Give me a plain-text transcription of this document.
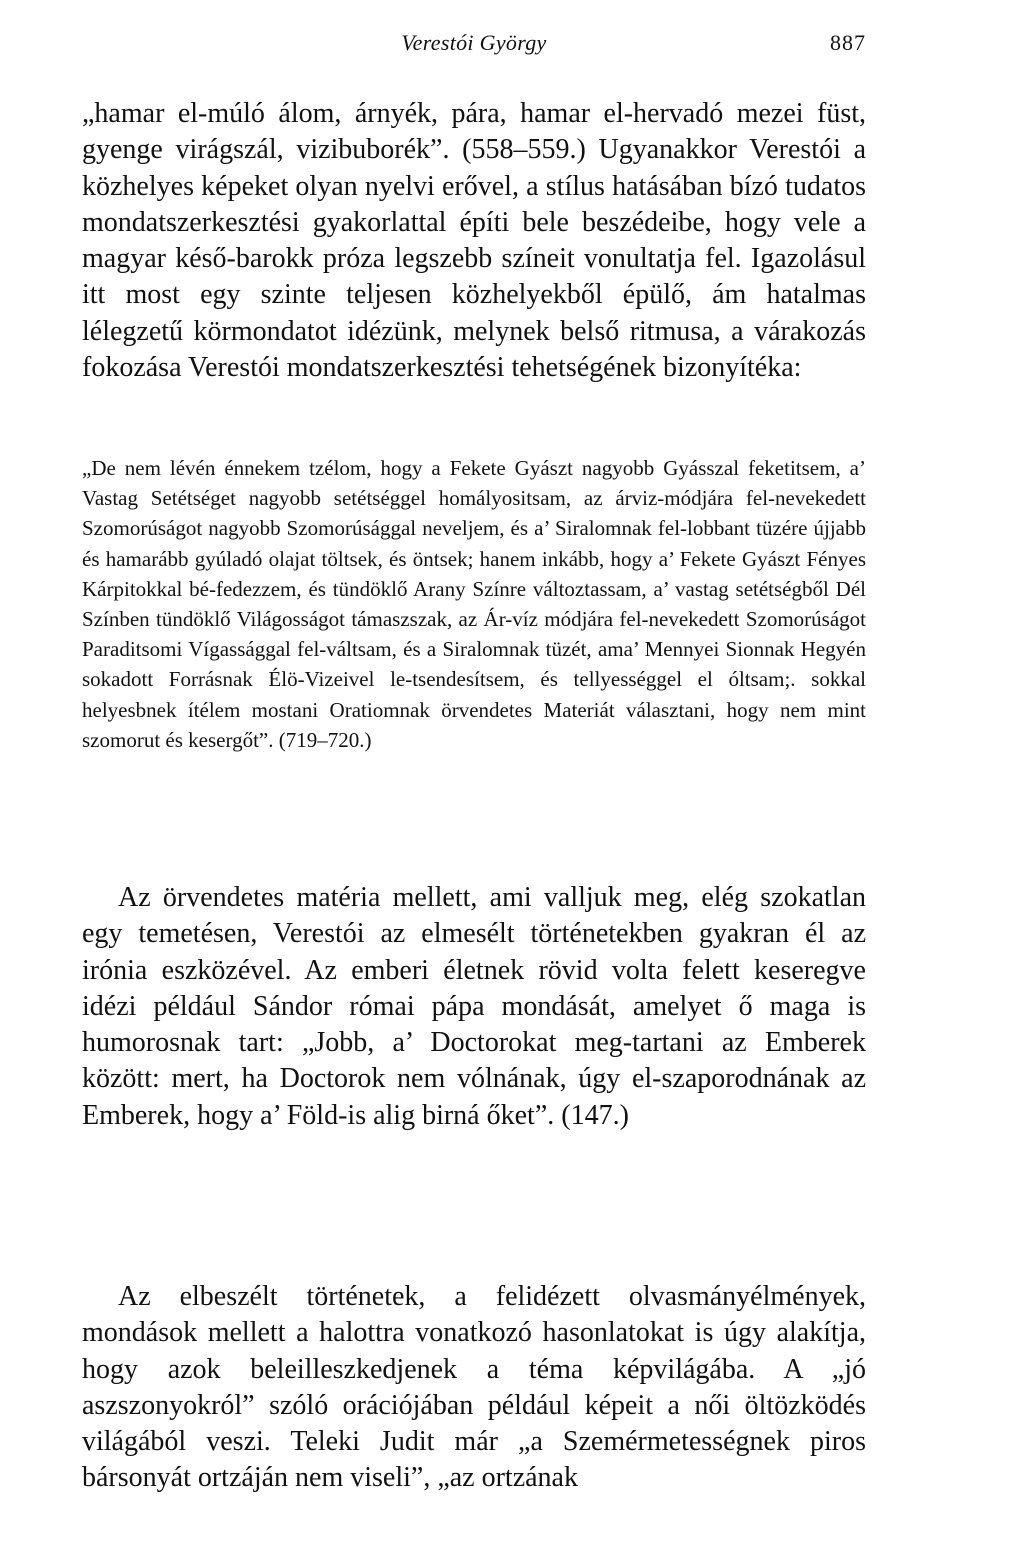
Verestói György	887

„hamar el-múló álom, árnyék, pára, hamar el-hervadó mezei füst, gyenge virágszál, vizibuborék”. (558–559.) Ugyanakkor Verestói a közhelyes képeket olyan nyelvi erővel, a stílus hatásában bízó tudatos mondatszerkesztési gyakorlattal építi bele beszédeibe, hogy vele a magyar késő-barokk próza legszebb színeit vonultatja fel. Igazolásul itt most egy szinte teljesen közhelyekből épülő, ám hatalmas lélegzetű körmondatot idézünk, melynek belső ritmusa, a várakozás fokozása Verestói mondatszerkesztési tehetségének bizonyítéka:

„De nem lévén énnekem tzélom, hogy a Fekete Gyászt nagyobb Gyásszal feketitsem, a’ Vastag Setétséget nagyobb setétséggel homályositsam, az árviz-módjára fel-nevekedett Szomorúságot nagyobb Szomorúsággal neveljem, és a’ Siralomnak fel-lobbant tüzére újjabb és hamarább gyúladó olajat töltsek, és öntsek; hanem inkább, hogy a’ Fekete Gyászt Fényes Kárpitokkal bé-fedezzem, és tündöklő Arany Színre változtassam, a’ vastag setétségből Dél Színben tündöklő Világosságot támaszszak, az Ár-víz módjára fel-nevekedett Szomorúságot Paraditsomi Vígassággal fel-váltsam, és a Siralomnak tüzét, ama’ Mennyei Sionnak Hegyén sokadott Forrásnak Élö-Vizeivel le-tsendesítsem, és tellyességgel el óltsam;. sokkal helyesbnek ítélem mostani Oratiomnak örvendetes Materiát választani, hogy nem mint szomorut és kesergőt”. (719–720.)

Az örvendetes matéria mellett, ami valljuk meg, elég szokatlan egy temetésen, Verestói az elmesélt történetekben gyakran él az irónia eszközével. Az emberi életnek rövid volta felett keseregve idézi például Sándor római pápa mondását, amelyet ő maga is humorosnak tart: „Jobb, a’ Doctorokat meg-tartani az Emberek között: mert, ha Doctorok nem vólnának, úgy el-szaporodnának az Emberek, hogy a’ Föld-is alig birná őket”. (147.)

Az elbeszélt történetek, a felidézett olvasmányélmények, mondások mellett a halottra vonatkozó hasonlatokat is úgy alakítja, hogy azok beleilleszkedjenek a téma képvilágába. A „jó aszszonyokról” szóló orációjában például képeit a női öltözködés világából veszi. Teleki Judit már „a Szemérmetességnek piros bársonyát ortzáján nem viseli”, „az ortzának
